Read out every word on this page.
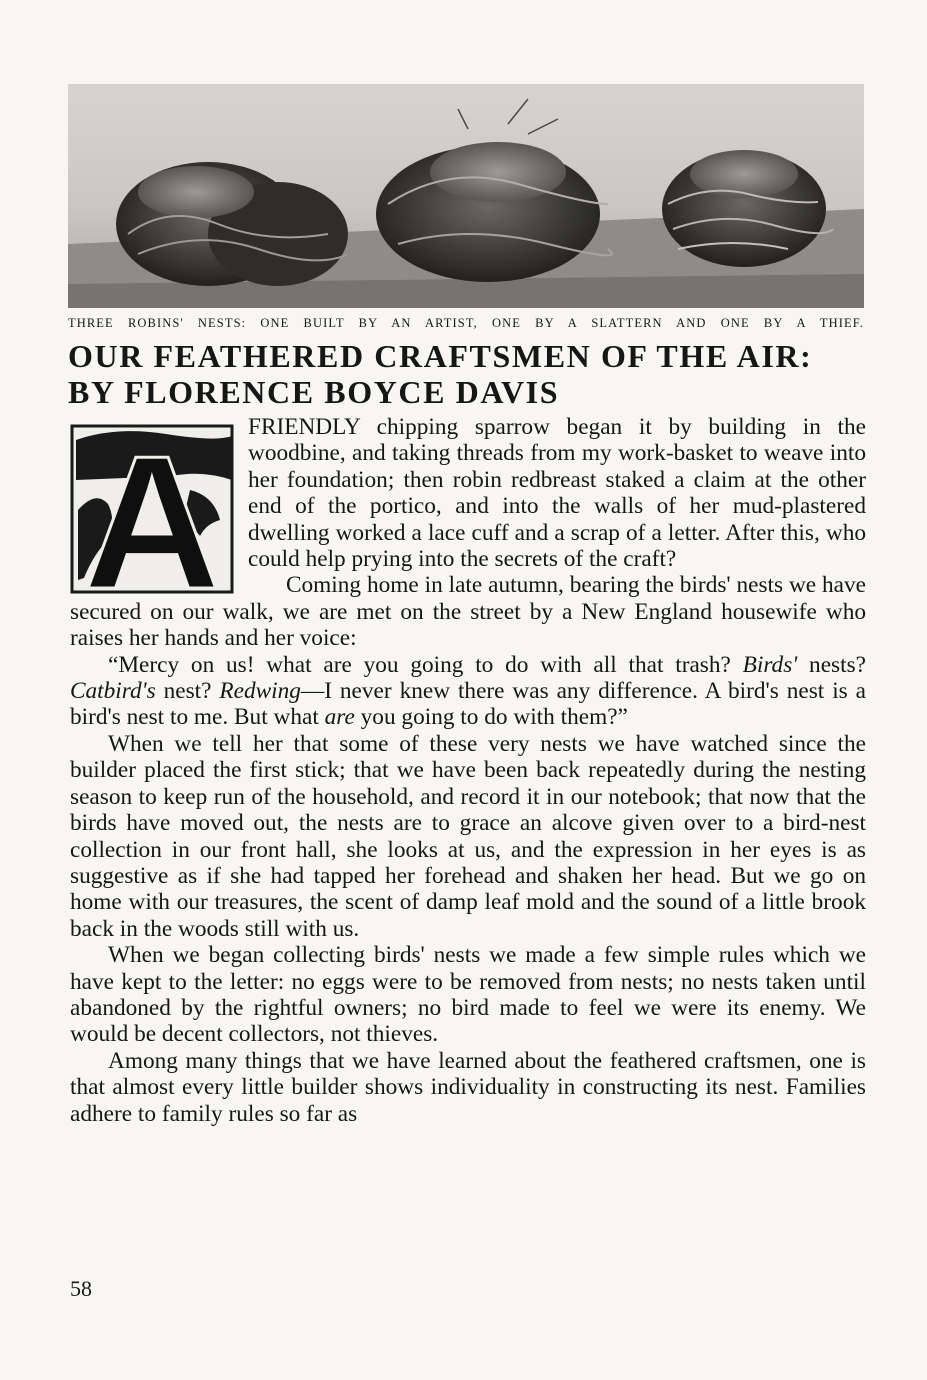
THREE ROBINS' NESTS: ONE BUILT BY AN ARTIST, ONE BY A SLATTERN AND ONE BY A THIEF.
OUR FEATHERED CRAFTSMEN OF THE AIR:
BY FLORENCE BOYCE DAVIS
A	FRIENDLY chipping sparrow began it by building in the woodbine, and taking threads from my work-basket to weave into her foundation; then robin redbreast staked a claim at the other end of the portico, and into the walls of her mud-plastered dwelling worked a lace cuff and a scrap of a letter. After this, who could help prying into the secrets of the craft?

Coming home in late autumn, bearing the birds' nests we have secured on our walk, we are met on the street by a New England housewife who raises her hands and her voice:

“Mercy on us! what are you going to do with all that trash? Birds' nests? Catbird's nest? Redwing—I never knew there was any difference. A bird's nest is a bird's nest to me. But what are you going to do with them?”

When we tell her that some of these very nests we have watched since the builder placed the first stick; that we have been back repeatedly during the nesting season to keep run of the household, and record it in our notebook; that now that the birds have moved out, the nests are to grace an alcove given over to a bird-nest collection in our front hall, she looks at us, and the expression in her eyes is as suggestive as if she had tapped her forehead and shaken her head. But we go on home with our treasures, the scent of damp leaf mold and the sound of a little brook back in the woods still with us.

When we began collecting birds' nests we made a few simple rules which we have kept to the letter: no eggs were to be removed from nests; no nests taken until abandoned by the rightful owners; no bird made to feel we were its enemy. We would be decent collectors, not thieves.

Among many things that we have learned about the feathered craftsmen, one is that almost every little builder shows individuality in constructing its nest. Families adhere to family rules so far as

58
